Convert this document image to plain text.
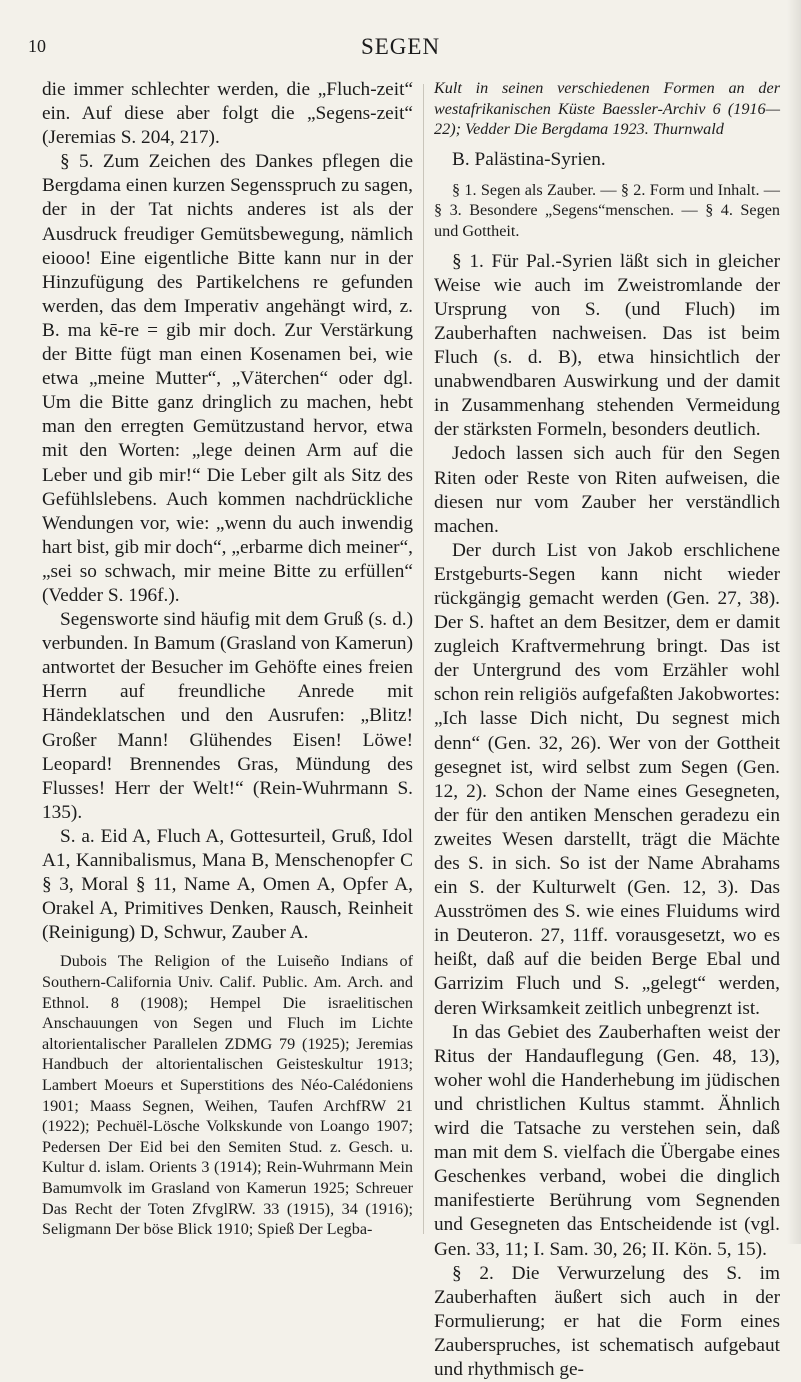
10	SEGEN

die immer schlechter werden, die „Fluch-zeit“ ein. Auf diese aber folgt die „Segens-zeit“ (Jeremias S. 204, 217).

§ 5. Zum Zeichen des Dankes pflegen die Bergdama einen kurzen Segensspruch zu sagen, der in der Tat nichts anderes ist als der Ausdruck freudiger Gemütsbewegung, nämlich eiooo! Eine eigentliche Bitte kann nur in der Hinzufügung des Partikelchens re gefunden werden, das dem Imperativ angehängt wird, z. B. ma kē-re = gib mir doch. Zur Verstärkung der Bitte fügt man einen Kosenamen bei, wie etwa „meine Mutter“, „Väterchen“ oder dgl. Um die Bitte ganz dringlich zu machen, hebt man den erregten Gemützustand hervor, etwa mit den Worten: „lege deinen Arm auf die Leber und gib mir!“ Die Leber gilt als Sitz des Gefühlslebens. Auch kommen nachdrückliche Wendungen vor, wie: „wenn du auch inwendig hart bist, gib mir doch“, „erbarme dich meiner“, „sei so schwach, mir meine Bitte zu erfüllen“ (Vedder S. 196f.).

Segensworte sind häufig mit dem Gruß (s. d.) verbunden. In Bamum (Grasland von Kamerun) antwortet der Besucher im Gehöfte eines freien Herrn auf freundliche Anrede mit Händeklatschen und den Ausrufen: „Blitz! Großer Mann! Glühendes Eisen! Löwe! Leopard! Brennendes Gras, Mündung des Flusses! Herr der Welt!“ (Rein-Wuhrmann S. 135).

S. a. Eid A, Fluch A, Gottesurteil, Gruß, Idol A1, Kannibalismus, Mana B, Menschenopfer C § 3, Moral § 11, Name A, Omen A, Opfer A, Orakel A, Primitives Denken, Rausch, Reinheit (Reinigung) D, Schwur, Zauber A.

Dubois The Religion of the Luiseño Indians of Southern-California Univ. Calif. Public. Am. Arch. and Ethnol. 8 (1908); Hempel Die israelitischen Anschauungen von Segen und Fluch im Lichte altorientalischer Parallelen ZDMG 79 (1925); Jeremias Handbuch der altorientalischen Geisteskultur 1913; Lambert Moeurs et Superstitions des Néo-Calédoniens 1901; Maass Segnen, Weihen, Taufen ArchfRW 21 (1922); Pechuël-Lösche Volkskunde von Loango 1907; Pedersen Der Eid bei den Semiten Stud. z. Gesch. u. Kultur d. islam. Orients 3 (1914); Rein-Wuhrmann Mein Bamumvolk im Grasland von Kamerun 1925; Schreuer Das Recht der Toten ZfvglRW. 33 (1915), 34 (1916); Seligmann Der böse Blick 1910; Spieß Der Legba-

Kult in seinen verschiedenen Formen an der westafrikanischen Küste Baessler-Archiv 6 (1916—22); Vedder Die Bergdama 1923. Thurnwald

B. Palästina-Syrien.

§ 1. Segen als Zauber. — § 2. Form und Inhalt. — § 3. Besondere „Segens“menschen. — § 4. Segen und Gottheit.

§ 1. Für Pal.-Syrien läßt sich in gleicher Weise wie auch im Zweistromlande der Ursprung von S. (und Fluch) im Zauberhaften nachweisen. Das ist beim Fluch (s. d. B), etwa hinsichtlich der unabwendbaren Auswirkung und der damit in Zusammenhang stehenden Vermeidung der stärksten Formeln, besonders deutlich.

Jedoch lassen sich auch für den Segen Riten oder Reste von Riten aufweisen, die diesen nur vom Zauber her verständlich machen.

Der durch List von Jakob erschlichene Erstgeburts-Segen kann nicht wieder rückgängig gemacht werden (Gen. 27, 38). Der S. haftet an dem Besitzer, dem er damit zugleich Kraftvermehrung bringt. Das ist der Untergrund des vom Erzähler wohl schon rein religiös aufgefaßten Jakobwortes: „Ich lasse Dich nicht, Du segnest mich denn“ (Gen. 32, 26). Wer von der Gottheit gesegnet ist, wird selbst zum Segen (Gen. 12, 2). Schon der Name eines Gesegneten, der für den antiken Menschen geradezu ein zweites Wesen darstellt, trägt die Mächte des S. in sich. So ist der Name Abrahams ein S. der Kulturwelt (Gen. 12, 3). Das Ausströmen des S. wie eines Fluidums wird in Deuteron. 27, 11ff. vorausgesetzt, wo es heißt, daß auf die beiden Berge Ebal und Garrizim Fluch und S. „gelegt“ werden, deren Wirksamkeit zeitlich unbegrenzt ist.

In das Gebiet des Zauberhaften weist der Ritus der Handauflegung (Gen. 48, 13), woher wohl die Handerhebung im jüdischen und christlichen Kultus stammt. Ähnlich wird die Tatsache zu verstehen sein, daß man mit dem S. vielfach die Übergabe eines Geschenkes verband, wobei die dinglich manifestierte Berührung vom Segnenden und Gesegneten das Entscheidende ist (vgl. Gen. 33, 11; I. Sam. 30, 26; II. Kön. 5, 15).

§ 2. Die Verwurzelung des S. im Zauberhaften äußert sich auch in der Formulierung; er hat die Form eines Zauberspruches, ist schematisch aufgebaut und rhythmisch ge-
